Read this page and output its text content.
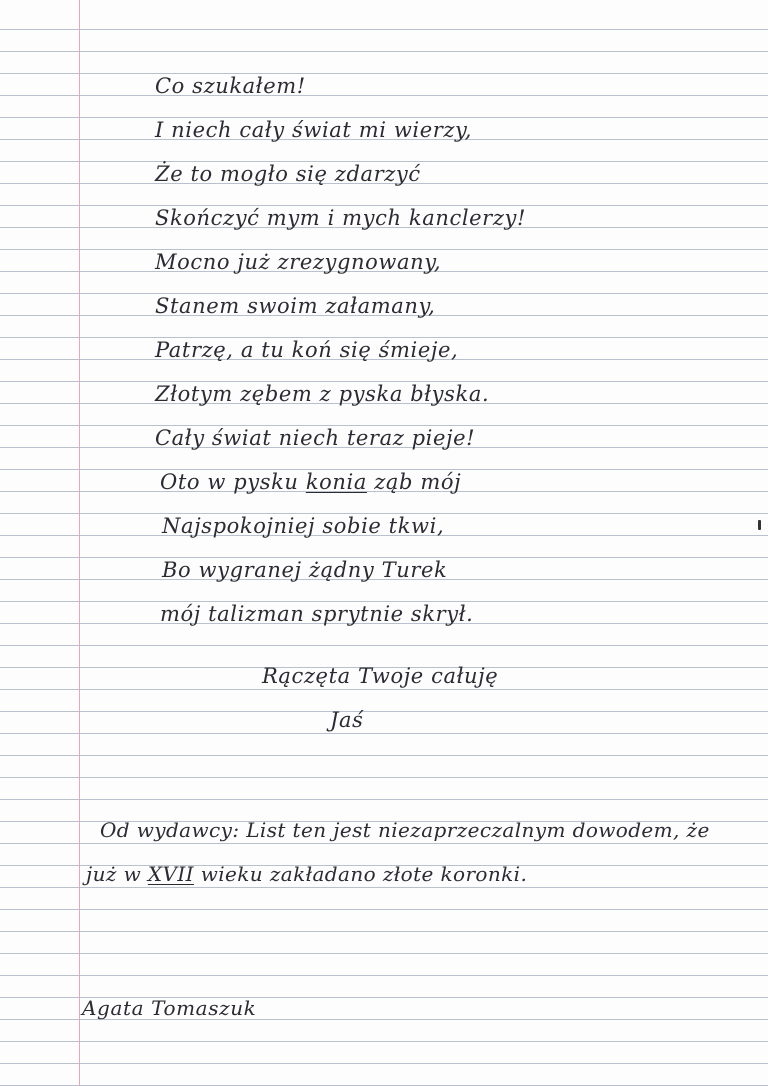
Co szukałem!
I niech cały świat mi wierzy,
Że to mogło się zdarzyć
Skończyć mym i mych kanclerzy!
Mocno już zrezygnowany,
Stanem swoim załamany,
Patrzę, a tu koń się śmieje,
Złotym zębem z pyska błyska.
Cały świat niech teraz pieje!
Oto w pysku konia ząb mój
Najspokojniej sobie tkwi,
Bo wygranej żądny Turek
mój talizman sprytnie skrył.
Rączęta Twoje całuję
Jaś
Od wydawcy: List ten jest niezaprzeczalnym dowodem, że
już w XVII wieku zakładano złote koronki.
Agata Tomaszuk
